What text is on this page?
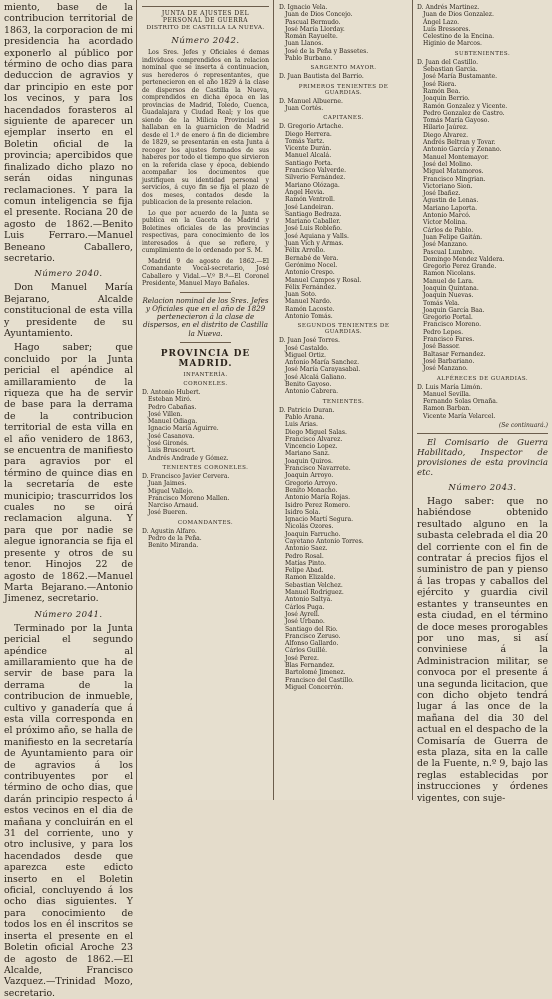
miento, base de la contribucion territorial de 1863, la corporacion de mi presidencia ha acordado exponerlo al público por término de ocho dias para deduccion de agravios y dar principio en este por los vecinos, y para los hacendados forasteros al siguiente de aparecer un ejemplar inserto en el Boletin oficial de la provincia; apercibidos que finalizado dicho plazo no serán oidas ningunas reclamaciones. Y para la comun inteligencia se fija el presente. Rociana 20 de agosto de 1862.—Benito Luis Ferraro.—Manuel Beneano Caballero, secretario.

Número 2040.

Don Manuel María Bejarano, Alcalde constitucional de esta villa y presidente de su Ayuntamiento.

Hago saber; que concluido por la Junta pericial el apéndice al amillaramiento de la riqueza que ha de servir de base para la derrama de la contribucion territorial de esta villa en el año venidero de 1863, se encuentra de manifiesto para agravios por el término de quince dias en la secretaría de este municipio; trascurridos los cuales no se oirá reclamacion alguna. Y para que por nadie se alegue ignorancia se fija el presente y otros de su tenor. Hinojos 22 de agosto de 1862.—Manuel Marta Bejarano.—Antonio Jimenez, secretario.

Número 2041.

Terminado por la Junta pericial el segundo apéndice al amillaramiento que ha de servir de base para la derrama de la contribucion de inmueble, cultivo y ganadería que á esta villa corresponda en el próximo año, se halla de manifiesto en la secretaría de Ayuntamiento para oir de agravios á los contribuyentes por el término de ocho dias, que darán principio respecto á estos vecinos en el dia de mañana y concluirán en el 31 del corriente, uno y otro inclusive, y para los hacendados desde que aparezca este edicto inserto en el Boletin oficial, concluyendo á los ocho dias siguientes. Y para conocimiento de todos los en él inscritos se inserta el presente en el Boletin oficial Aroche 23 de agosto de 1862.—El Alcalde, Francisco Vazquez.—Trinidad Mozo, secretario.

JUNTA DE AJUSTES DEL PERSONAL DE GUERRA
DISTRITO DE CASTILLA LA NUEVA.
Número 2042.

Los Sres. Jefes y Oficiales é demas individuos comprendidos en la relacion nominal que se inserta á continuacion, sus herederos ó representantes, que pertenecieron en el año 1829 á la clase de dispersos de Castilla la Nueva, comprendidos en dicha época en las provincias de Madrid, Toledo, Cuenca, Guadalajara y Ciudad Real; y los que siendo de la Milicia Provincial se hallaban en la guarnicion de Madrid desde el 1.º de enero á fin de diciembre de 1829, se presentarán en esta Junta á recoger los ajustes formados de sus haberes por todo el tiempo que sirvieron en la referida clase y época, debiendo acompañar los documentos que justifiquen su identidad personal y servicios, á cuyo fin se fija el plazo de dos meses, contados desde la publicacion de la presente relacion.

Lo que por acuerdo de la Junta se publica en la Gaceta de Madrid y Boletines oficiales de las provincias respectivas, para conocimiento de los interesados á que se refiere, y cumplimiento de lo ordenado por S. M.

Madrid 9 de agosto de 1862.—El Comandante Vocal-secretario, José Caballero y Vidal.—V.º B.º—El Coronel Presidente, Manuel Mayo Bañales.

Relacion nominal de los Sres. Jefes y Oficiales que en el año de 1829 pertenecieron á la clase de dispersos, en el distrito de Castilla la Nueva.
PROVINCIA DE MADRID.
INFANTERÍA.
CORONELES.
D. Antonio Hubert.
Esteban Miró.
Pedro Cabañas.
José Villen.
Manuel Odiaga.
Ignacio María Aguirre.
José Casanova.
José Gironés.
Luis Bruscourt.
Andrés Andrade y Gómez.
TENIENTES CORONELES.
D. Francisco Javier Cervera.
Juan Jaimes.
Miguel Vallejo.
Francisco Moreno Mallen.
Narciso Arnaud.
José Bueren.
COMANDANTES.
D. Agustin Alfaro.
Pedro de la Peña.
Benito Miranda.
D. Ignacio Vela.
Juan de Dios Concejo.
Pascual Bermudo.
José María Llorday.
Román Rayuelte.
Juan Llanos.
José de la Peña y Bassetes.
Pablo Burbano.
SARGENTO MAYOR.
D. Juan Bautista del Barrio.
PRIMEROS TENIENTES DE GUARDIAS.
D. Manuel Albuerne.
Juan Cortés.
CAPITANES.
D. Gregorio Artache.
Diego Herrera.
Tomás Yartz.
Vicente Durán.
Manuel Alcalá.
Santiago Porta.
Francisco Valverde.
Silverio Fernández.
Mariano Olózaga.
Ángel Hevia.
Ramón Ventroll.
José Landeiran.
Santiago Bedraza.
Mariano Caballer.
José Luis Robleño.
José Aquiana y Valls.
Juan Vich y Armas.
Félix Arrollo.
Bernabé de Vera.
Gerónimo Nocel.
Antonio Crespo.
Manuel Campos y Rosal.
Félix Fernández.
Juan Soto.
Manuel Nardo.
Ramón Lacoste.
Antonio Tomás.
SEGUNDOS TENIENTES DE GUARDIAS.
D. Juan José Torres.
José Castaldo.
Miguel Ortiz.
Antonio María Sanchez.
José María Carayasabal.
José Alcalá Galiano.
Benito Gayoso.
Antonio Cabrera.
TENIENTES.
D. Patricio Duran.
Pablo Arana.
Luis Arias.
Diego Miguel Salas.
Francisco Alvarez.
Vincencio Lopez.
Mariano Sanz.
Joaquin Quiros.
Francisco Navarrete.
Joaquin Arroyo.
Gregorio Arroyo.
Benito Monacho.
Antonio María Rojas.
Isidro Perez Romero.
Isidro Sola.
Ignacio Martí Segura.
Nicolás Ozores.
Joaquin Farrucho.
Cayetano Antonio Torres.
Antonio Saez.
Pedro Rosal.
Matías Pinto.
Felipe Abad.
Ramon Elizalde.
Sebastian Velchez.
Manuel Rodriguez.
Antonio Saltya.
Cárlos Puga.
José Ayrell.
José Urbano.
Santiago del Rio.
Francisco Zeruso.
Alfonso Gallardo.
Cárlos Guillé.
José Perez.
Blas Fernandez.
Bartolomé Jimenez.
Francisco del Castillo.
Miguel Concerrón.
D. Andrés Martinez.
Juan de Dios Gonzalez.
Ángel Lazo.
Luis Bressores.
Celestino de la Encina.
Higinio de Marcos.
SUBTENIENTES.
D. Juan del Castillo.
Sebastian Garcia.
José María Bustamante.
José Riera.
Ramón Bea.
Joaquin Berrio.
Ramón Gonzalez y Vicente.
Pedro Gonzalez de Castro.
Tomás María Gayoso.
Hilario Jaúrez.
Diego Alvarez.
Andrés Beltran y Tovar.
Antonio García y Zenano.
Manuel Montemayor.
José del Molino.
Miguel Matamoros.
Francisco Mingrian.
Victoriano Sion.
José Ibañez.
Agustin de Lenas.
Mariano Laporta.
Antonio Marcó.
Víctor Molina.
Cárlos de Pablo.
Juan Felipe Gaitán.
José Manzano.
Pascual Lumbre.
Domingo Mendez Valdera.
Gregorio Perez Grande.
Ramon Nicolans.
Manuel de Lara.
Joaquin Quintana.
Joaquin Nuevas.
Tomás Vela.
Joaquin García Baa.
Gregorio Portal.
Francisco Moreno.
Pedro Lepes.
Francisco Fares.
José Bassor.
Baltasar Fernandez.
José Barbariano.
José Manzano.
ALFÉRECES DE GUARDIAS.
D. Luis María Limón.
Manuel Sevilla.
Fernando Solas Ornaña.
Ramon Barban.
Vicente María Velarcel.
(Se continuará.)

El Comisario de Guerra Habilitado, Inspector de provisiones de esta provincia etc.

Número 2043.

Hago saber: que no habiéndose obtenido resultado alguno en la subasta celebrada el dia 20 del corriente con el fin de contratar á precios fijos el suministro de pan y pienso á las tropas y caballos del ejército y guardia civil estantes y transeuntes en esta ciudad, en el término de doce meses prorogables por uno mas, si así conviniese á la Administracion militar, se convoca por el presente á una segunda licitacion, que con dicho objeto tendrá lugar á las once de la mañana del dia 30 del actual en el despacho de la Comisaría de Guerra de esta plaza, sita en la calle de la Fuente, n.º 9, bajo las reglas establecidas por instrucciones y órdenes vigentes, con suje-
